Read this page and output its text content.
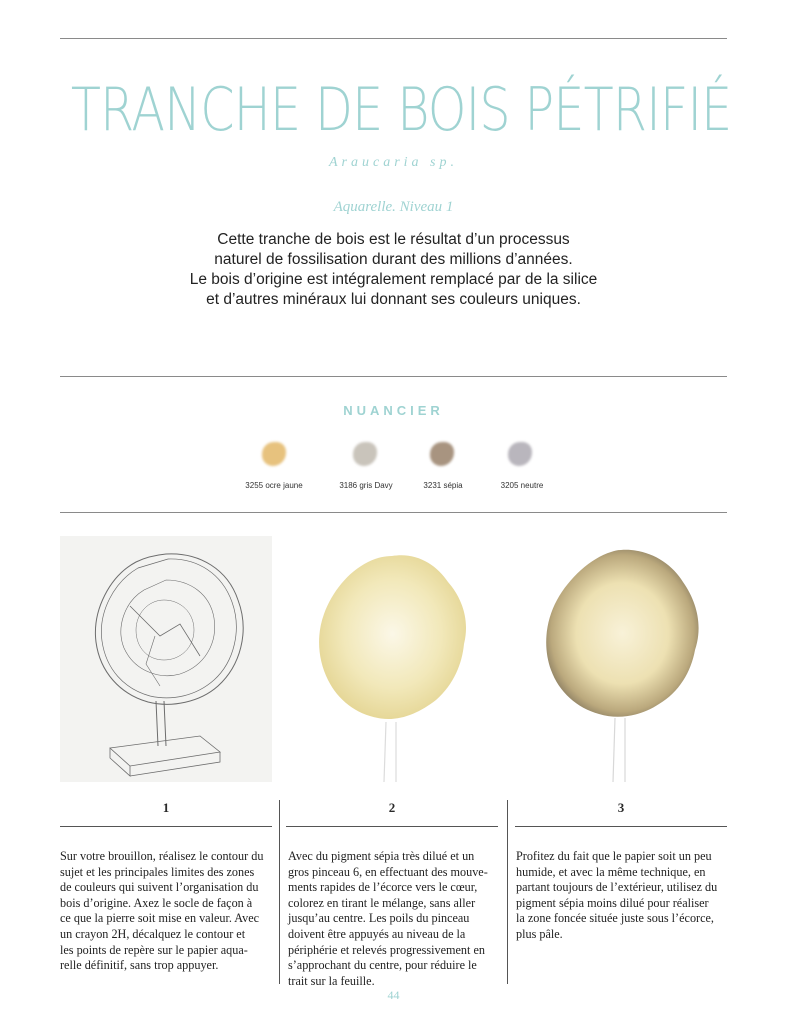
TRANCHE DE BOIS PÉTRIFIÉ
Araucaria sp.
Aquarelle. Niveau 1
Cette tranche de bois est le résultat d’un processus
naturel de fossilisation durant des millions d’années.
Le bois d’origine est intégralement remplacé par de la silice
et d’autres minéraux lui donnant ses couleurs uniques.
NUANCIER
3255 ocre jaune	3186 gris Davy	3231 sépia	3205 neutre
1	2	3
Sur votre brouillon, réalisez le contour du
sujet et les principales limites des zones
de couleurs qui suivent l’organisation du
bois d’origine. Axez le socle de façon à
ce que la pierre soit mise en valeur. Avec
un crayon 2H, décalquez le contour et
les points de repère sur le papier aqua-
relle définitif, sans trop appuyer.
Avec du pigment sépia très dilué et un
gros pinceau 6, en effectuant des mouve-
ments rapides de l’écorce vers le cœur,
colorez en tirant le mélange, sans aller
jusqu’au centre. Les poils du pinceau
doivent être appuyés au niveau de la
périphérie et relevés progressivement en
s’approchant du centre, pour réduire le
trait sur la feuille.
Profitez du fait que le papier soit un peu
humide, et avec la même technique, en
partant toujours de l’extérieur, utilisez du
pigment sépia moins dilué pour réaliser
la zone foncée située juste sous l’écorce,
plus pâle.
44
